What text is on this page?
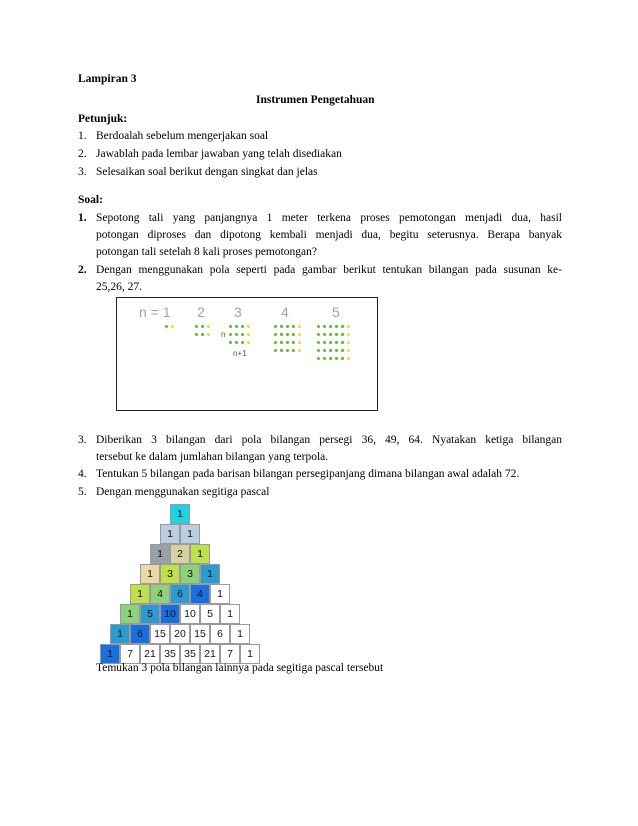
Lampiran 3
Instrumen Pengetahuan
Petunjuk:
1. Berdoalah sebelum mengerjakan soal
2. Jawablah pada lembar jawaban yang telah disediakan
3. Selesaikan soal berikut dengan singkat dan jelas
Soal:
1. Sepotong tali yang panjangnya 1 meter terkena proses pemotongan menjadi dua, hasil
potongan diproses dan dipotong kembali menjadi dua, begitu seterusnya. Berapa banyak
potongan tali setelah 8 kali proses pemotongan?
2. Dengan menggunakan pola seperti pada gambar berikut tentukan bilangan pada susunan ke-
25,26, 27.
n = 1 2 3	4	5
n
n+1
3. Diberikan 3 bilangan dari pola bilangan persegi 36, 49, 64. Nyatakan ketiga bilangan
tersebut ke dalam jumlahan bilangan yang terpola.
4. Tentukan 5 bilangan pada barisan bilangan persegipanjang dimana bilangan awal adalah 72.
5. Dengan menggunakan segitiga pascal
1
1	1
1	2	1
1	3	3	1
1	4	6	4	1
1	5	10 10	5	1
1	6	15 20 15	6	1
1	7	21 35 35 21	7	1
Temukan 3 pola bilangan lainnya pada segitiga pascal tersebut
